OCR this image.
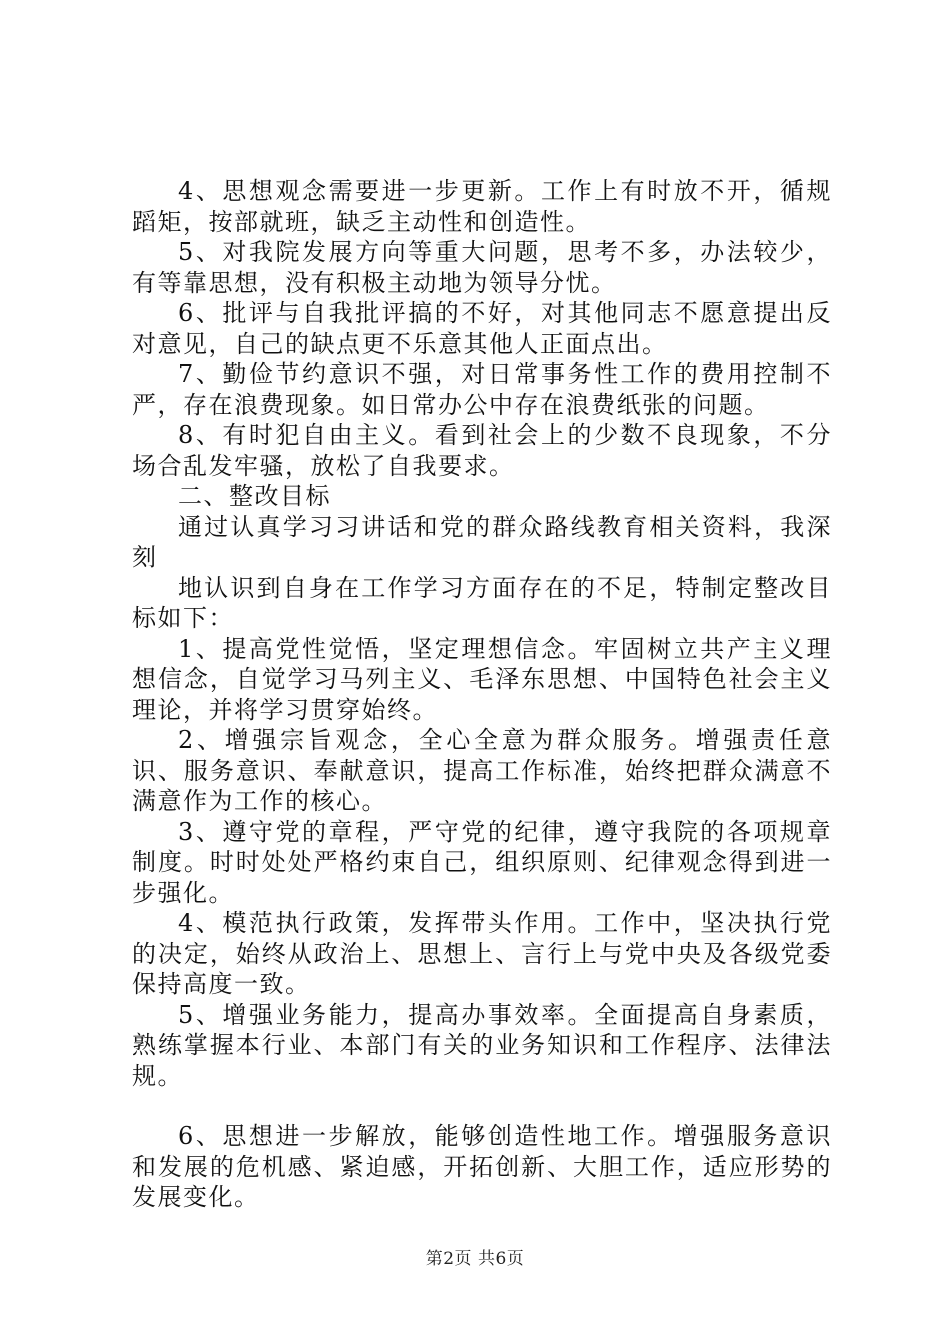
4、思想观念需要进一步更新。工作上有时放不开，循规蹈矩，按部就班，缺乏主动性和创造性。

5、对我院发展方向等重大问题，思考不多，办法较少，有等靠思想，没有积极主动地为领导分忧。

6、批评与自我批评搞的不好，对其他同志不愿意提出反对意见，自己的缺点更不乐意其他人正面点出。

7、勤俭节约意识不强，对日常事务性工作的费用控制不严，存在浪费现象。如日常办公中存在浪费纸张的问题。

8、有时犯自由主义。看到社会上的少数不良现象，不分场合乱发牢骚，放松了自我要求。

二、整改目标

通过认真学习习讲话和党的群众路线教育相关资料，我深刻

地认识到自身在工作学习方面存在的不足，特制定整改目标如下：

1、提高党性觉悟，坚定理想信念。牢固树立共产主义理想信念，自觉学习马列主义、毛泽东思想、中国特色社会主义理论，并将学习贯穿始终。

2、增强宗旨观念，全心全意为群众服务。增强责任意识、服务意识、奉献意识，提高工作标准，始终把群众满意不满意作为工作的核心。

3、遵守党的章程，严守党的纪律，遵守我院的各项规章制度。时时处处严格约束自己，组织原则、纪律观念得到进一步强化。

4、模范执行政策，发挥带头作用。工作中，坚决执行党的决定，始终从政治上、思想上、言行上与党中央及各级党委保持高度一致。

5、增强业务能力，提高办事效率。全面提高自身素质，熟练掌握本行业、本部门有关的业务知识和工作程序、法律法规。

6、思想进一步解放，能够创造性地工作。增强服务意识和发展的危机感、紧迫感，开拓创新、大胆工作，适应形势的发展变化。

第2页 共6页
